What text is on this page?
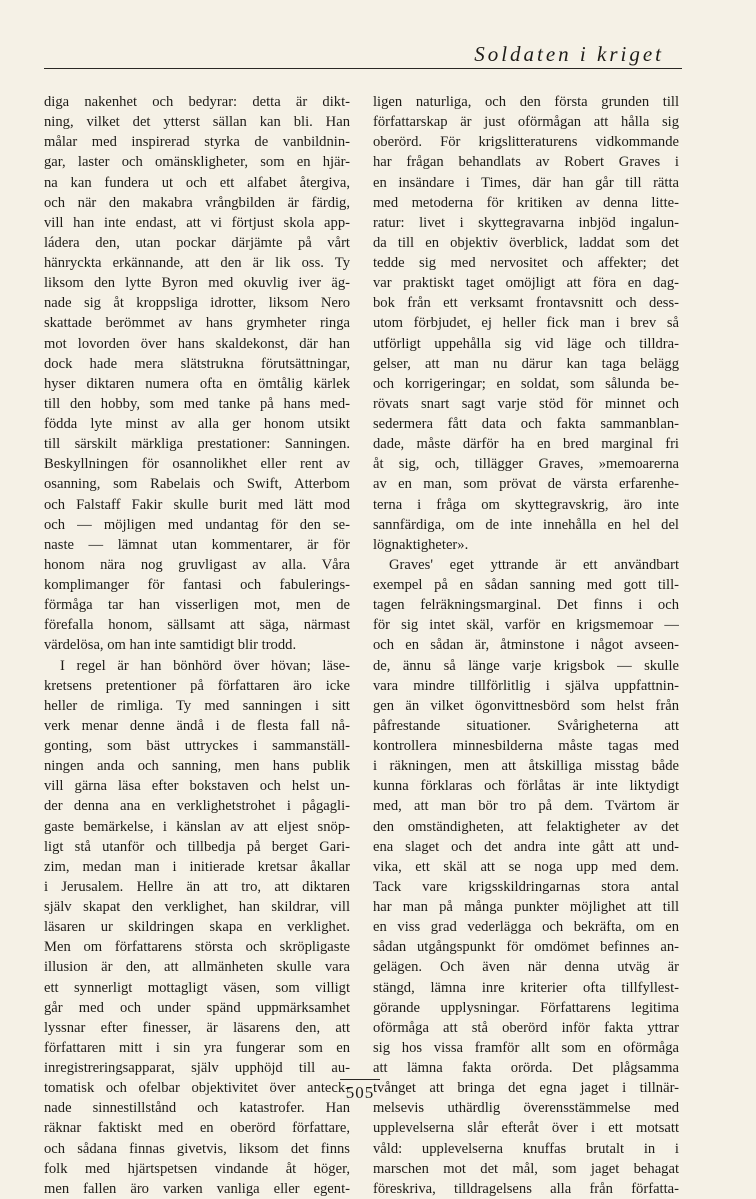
Soldaten i kriget
diga nakenhet och bedyrar: detta är dikt-
ning, vilket det ytterst sällan kan bli. Han
målar med inspirerad styrka de vanbildnin-
gar, laster och omänskligheter, som en hjär-
na kan fundera ut och ett alfabet återgiva,
och när den makabra vrångbilden är färdig,
vill han inte endast, att vi förtjust skola app-
ládera den, utan pockar därjämte på vårt
hänryckta erkännande, att den är lik oss. Ty
liksom den lytte Byron med okuvlig iver äg-
nade sig åt kroppsliga idrotter, liksom Nero
skattade berömmet av hans grymheter ringa
mot lovorden över hans skaldekonst, där han
dock hade mera slätstrukna förutsättningar,
hyser diktaren numera ofta en ömtålig kärlek
till den hobby, som med tanke på hans med-
födda lyte minst av alla ger honom utsikt
till särskilt märkliga prestationer: Sanningen.
Beskyllningen för osannolikhet eller rent av
osanning, som Rabelais och Swift, Atterbom
och Falstaff Fakir skulle burit med lätt mod
och — möjligen med undantag för den se-
naste — lämnat utan kommentarer, är för
honom nära nog gruvligast av alla. Våra
komplimanger för fantasi och fabulerings-
förmåga tar han visserligen mot, men de
förefalla honom, sällsamt att säga, närmast
värdelösa, om han inte samtidigt blir trodd.
I regel är han bönhörd över hövan; läse-
kretsens pretentioner på författaren äro icke
heller de rimliga. Ty med sanningen i sitt
verk menar denne ändå i de flesta fall nå-
gonting, som bäst uttryckes i sammanställ-
ningen anda och sanning, men hans publik
vill gärna läsa efter bokstaven och helst un-
der denna ana en verklighetstrohet i pågagli-
gaste bemärkelse, i känslan av att eljest snöp-
ligt stå utanför och tillbedja på berget Gari-
zim, medan man i initierade kretsar åkallar
i Jerusalem. Hellre än att tro, att diktaren
själv skapat den verklighet, han skildrar, vill
läsaren ur skildringen skapa en verklighet.
Men om författarens största och skröpligaste
illusion är den, att allmänheten skulle vara
ett synnerligt mottagligt väsen, som villigt
går med och under spänd uppmärksamhet
lyssnar efter finesser, är läsarens den, att
författaren mitt i sin yra fungerar som en
inregistreringsapparat, själv upphöjd till au-
tomatisk och ofelbar objektivitet över anteck-
nade sinnestillstånd och katastrofer. Han
räknar faktiskt med en oberörd författare,
och sådana finnas givetvis, liksom det finns
folk med hjärtspetsen vindande åt höger,
men fallen äro varken vanliga eller egent-
ligen naturliga, och den första grunden till
författarskap är just oförmågan att hålla sig
oberörd. För krigslitteraturens vidkommande
har frågan behandlats av Robert Graves i
en insändare i Times, där han går till rätta
med metoderna för kritiken av denna litte-
ratur: livet i skyttegravarna inbjöd ingalun-
da till en objektiv överblick, laddat som det
tedde sig med nervositet och affekter; det
var praktiskt taget omöjligt att föra en dag-
bok från ett verksamt frontavsnitt och dess-
utom förbjudet, ej heller fick man i brev så
utförligt uppehålla sig vid läge och tilldra-
gelser, att man nu därur kan taga belägg
och korrigeringar; en soldat, som sålunda be-
rövats snart sagt varje stöd för minnet och
sedermera fått data och fakta sammanblan-
dade, måste därför ha en bred marginal fri
åt sig, och, tillägger Graves, »memoarerna
av en man, som prövat de värsta erfarenhe-
terna i fråga om skyttegravskrig, äro inte
sannfärdiga, om de inte innehålla en hel del
lögnaktigheter».
Graves' eget yttrande är ett användbart
exempel på en sådan sanning med gott till-
tagen felräkningsmarginal. Det finns i och
för sig intet skäl, varför en krigsmemoar —
och en sådan är, åtminstone i något avseen-
de, ännu så länge varje krigsbok — skulle
vara mindre tillförlitlig i själva uppfattnin-
gen än vilket ögonvittnesbörd som helst från
påfrestande situationer. Svårigheterna att
kontrollera minnesbilderna måste tagas med
i räkningen, men att åtskilliga misstag både
kunna förklaras och förlåtas är inte liktydigt
med, att man bör tro på dem. Tvärtom är
den omständigheten, att felaktigheter av det
ena slaget och det andra inte gått att und-
vika, ett skäl att se noga upp med dem.
Tack vare krigsskildringarnas stora antal
har man på många punkter möjlighet att till
en viss grad vederlägga och bekräfta, om en
sådan utgångspunkt för omdömet befinnes an-
gelägen. Och även när denna utväg är
stängd, lämna inre kriterier ofta tillfyllest-
görande upplysningar. Författarens legitima
oförmåga att stå oberörd inför fakta yttrar
sig hos vissa framför allt som en oförmåga
att lämna fakta orörda. Det plågsamma
tvånget att bringa det egna jaget i tillnär-
melsevis uthärdlig överensstämmelse med
upplevelserna slår efteråt över i ett motsatt
våld: upplevelserna knuffas brutalt in i
marschen mot det mål, som jaget behagat
föreskriva, tilldragelsens alla från författa-
505
